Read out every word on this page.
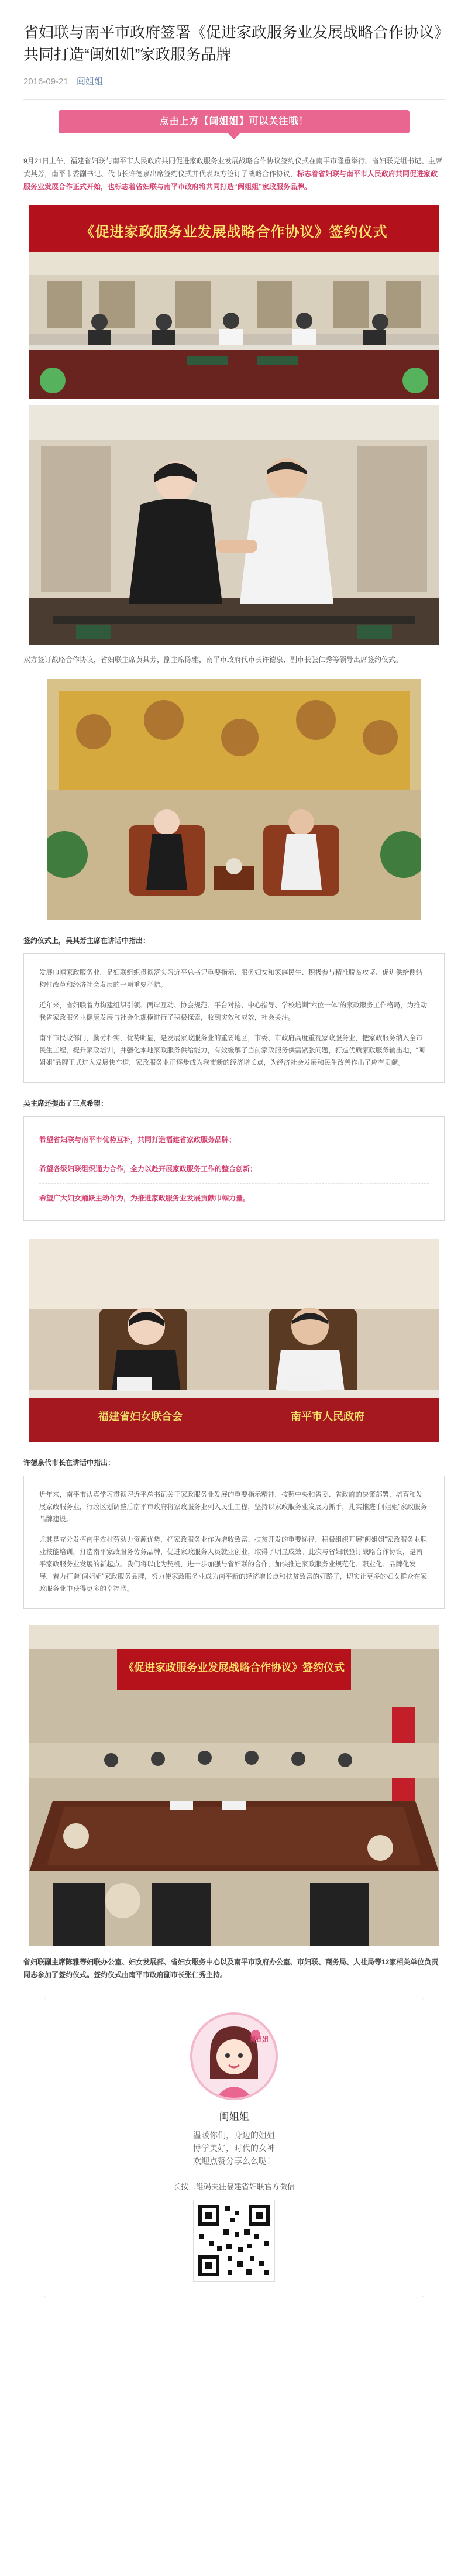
省妇联与南平市政府签署《促进家政服务业发展战略合作协议》共同打造“闽姐姐”家政服务品牌
2016-09-21 闽姐姐
点击上方【闽姐姐】可以关注哦！

9月21日上午，福建省妇联与南平市人民政府共同促进家政服务业发展战略合作协议签约仪式在南平市隆重举行。省妇联党组书记、主席黄其芳，南平市委副书记、代市长许德泉出席签约仪式并代表双方签订了战略合作协议，标志着省妇联与南平市人民政府共同促进家政服务业发展合作正式开始，也标志着省妇联与南平市政府将共同打造“闽姐姐”家政服务品牌。

《促进家政服务业发展战略合作协议》签约仪式

双方签订战略合作协议，省妇联主席黄其芳，副主席陈雅，南平市政府代市长许德泉、副市长张仁秀等领导出席签约仪式。

签约仪式上，吴其芳主席在讲话中指出：

发展巾帼家政服务业，是妇联组织贯彻落实习近平总书记重要指示、服务妇女和家庭民生、积极参与精准脱贫攻坚、促进供给侧结构性改革和经济社会发展的一项重要举措。

近年来，省妇联着力构建组织引领、两岸互动、协会规范、平台对接、中心指导、学校培训“六位一体”的家政服务工作格局，为推动我省家政服务业健康发展与社会化规模进行了积极探索，收到实效和成效，社会关注。

南平市民政部门，勤劳朴实，优势明显，是发展家政服务业的重要地区，市委、市政府高度重视家政服务业，把家政服务纳入全市民生工程，提升家政培训，并强化本地家政服务供给能力，有效缓解了当前家政服务供需紧张问题，打造优质家政服务输出地，“闽姐姐”品牌正式进入发展快车道，家政服务业正逐步成为我市新的经济增长点，为经济社会发展和民生改善作出了应有贡献。

吴主席还提出了三点希望：

希望省妇联与南平市优势互补，共同打造福建省家政服务品牌；
希望各级妇联组织通力合作，全力以赴开展家政服务工作的整合创新；
希望广大妇女踊跃主动作为，为推进家政服务业发展贡献巾帼力量。
福建省妇女联合会	南平市人民政府

许德泉代市长在讲话中指出：

近年来，南平市认真学习贯彻习近平总书记关于家政服务业发展的重要指示精神，按照中央和省委、省政府的决策部署，培育和发展家政服务业，行政区划调整后南平市政府将家政服务业列入民生工程，坚持以家政服务业发展为抓手，扎实推进“闽姐姐”家政服务品牌建设。

尤其是充分发挥南平农村劳动力资源优势，把家政服务业作为增收致富、扶贫开发的重要途径，积极组织开展“闽姐姐”家政服务业职业技能培训，打造南平家政服务劳务品牌，促进家政服务人员就业创业，取得了明显成效。此次与省妇联签订战略合作协议，是南平家政服务业发展的新起点。我们将以此为契机，进一步加强与省妇联的合作，加快推进家政服务业规范化、职业化、品牌化发展，着力打造“闽姐姐”家政服务品牌，努力使家政服务业成为南平新的经济增长点和扶贫致富的好路子，切实让更多的妇女群众在家政服务业中获得更多的幸福感。

《促进家政服务业发展战略合作协议》签约仪式

省妇联副主席陈雅等妇联办公室、妇女发展部、省妇女服务中心以及南平市政府办公室、市妇联、商务局、人社局等12家相关单位负责同志参加了签约仪式。签约仪式由南平市政府副市长张仁秀主持。

闽姐姐
闽姐姐
温暖你们，身边的姐姐
博学美好，时代的女神
欢迎点赞分享么么哒！
长按二维码关注福建省妇联官方微信
